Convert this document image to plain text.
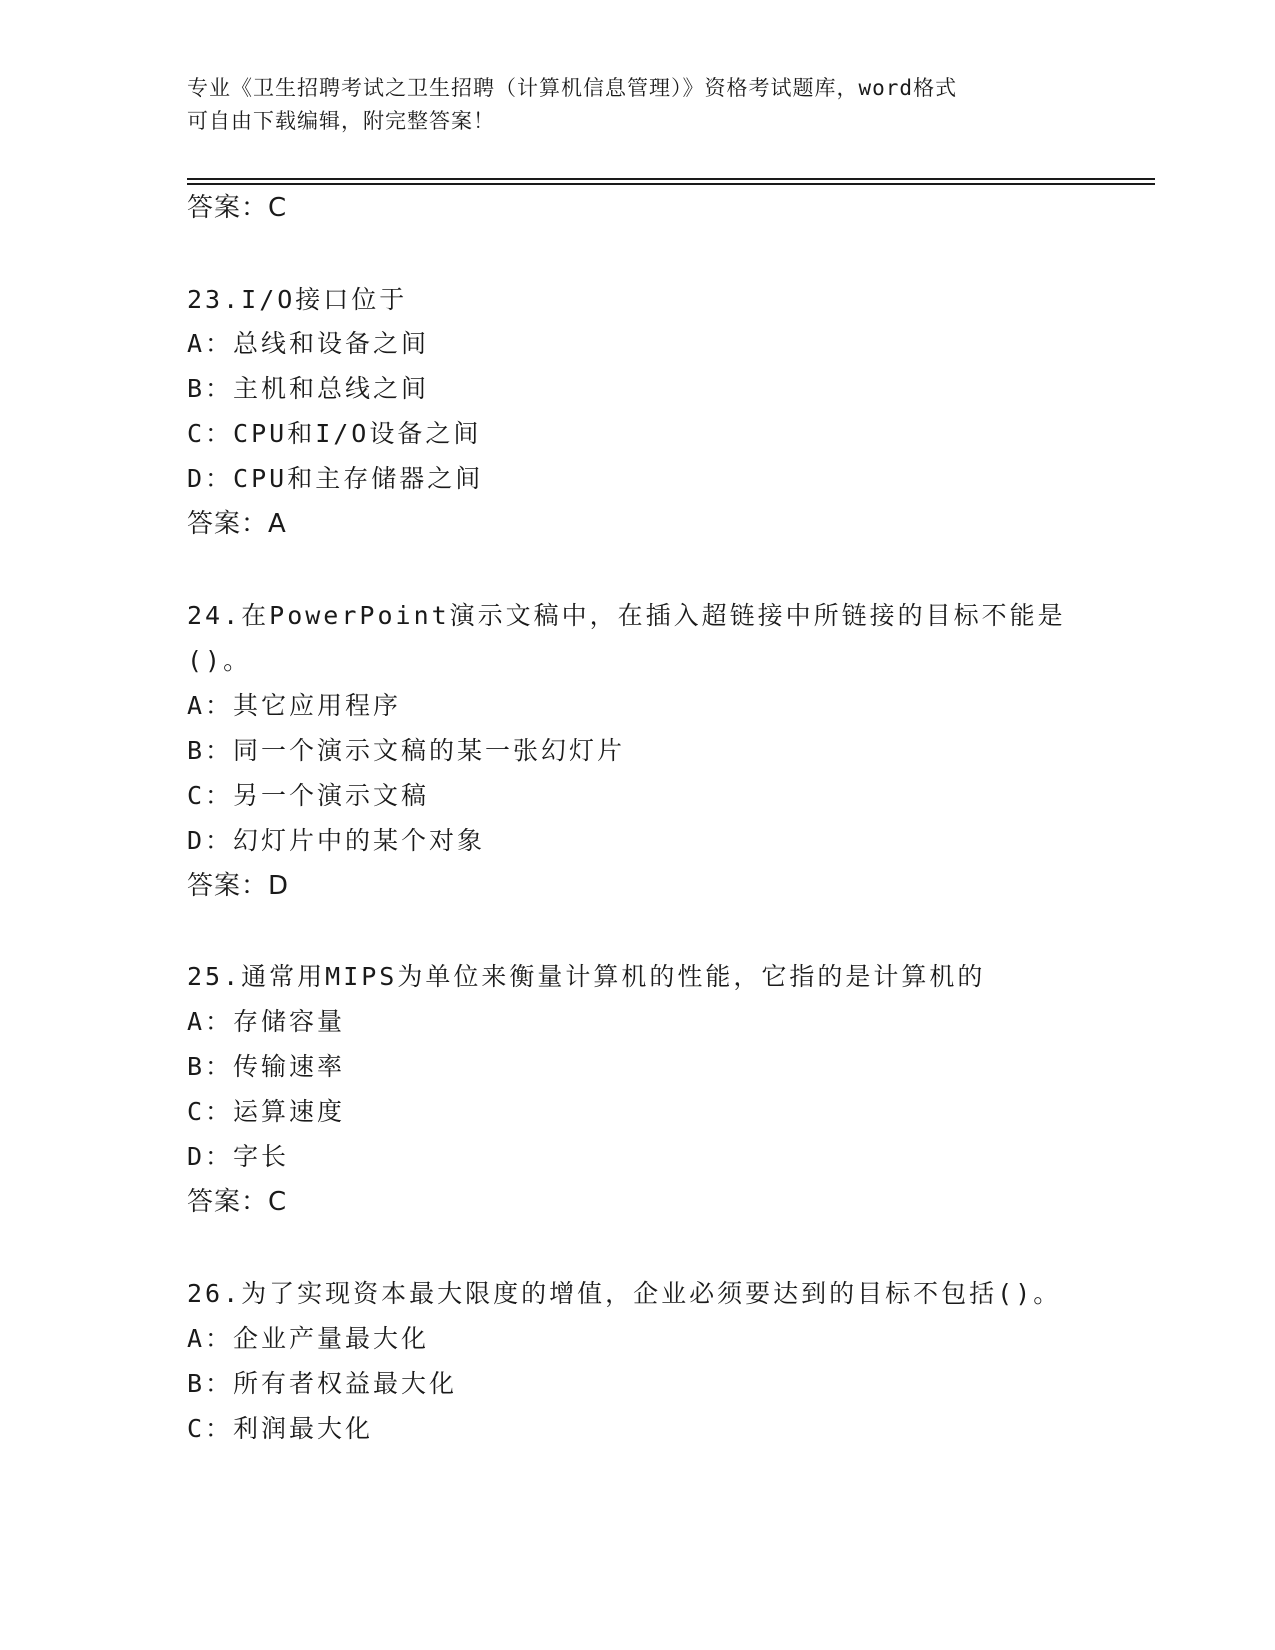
专业《卫生招聘考试之卫生招聘（计算机信息管理）》资格考试题库，word格式
可自由下载编辑，附完整答案！
答案：C
23.I/O接口位于
A：总线和设备之间
B：主机和总线之间
C：CPU和I/O设备之间
D：CPU和主存储器之间
答案：A
24.在PowerPoint演示文稿中，在插入超链接中所链接的目标不能是
()。
A：其它应用程序
B：同一个演示文稿的某一张幻灯片
C：另一个演示文稿
D：幻灯片中的某个对象
答案：D
25.通常用MIPS为单位来衡量计算机的性能，它指的是计算机的
A：存储容量
B：传输速率
C：运算速度
D：字长
答案：C
26.为了实现资本最大限度的增值，企业必须要达到的目标不包括()。
A：企业产量最大化
B：所有者权益最大化
C：利润最大化
